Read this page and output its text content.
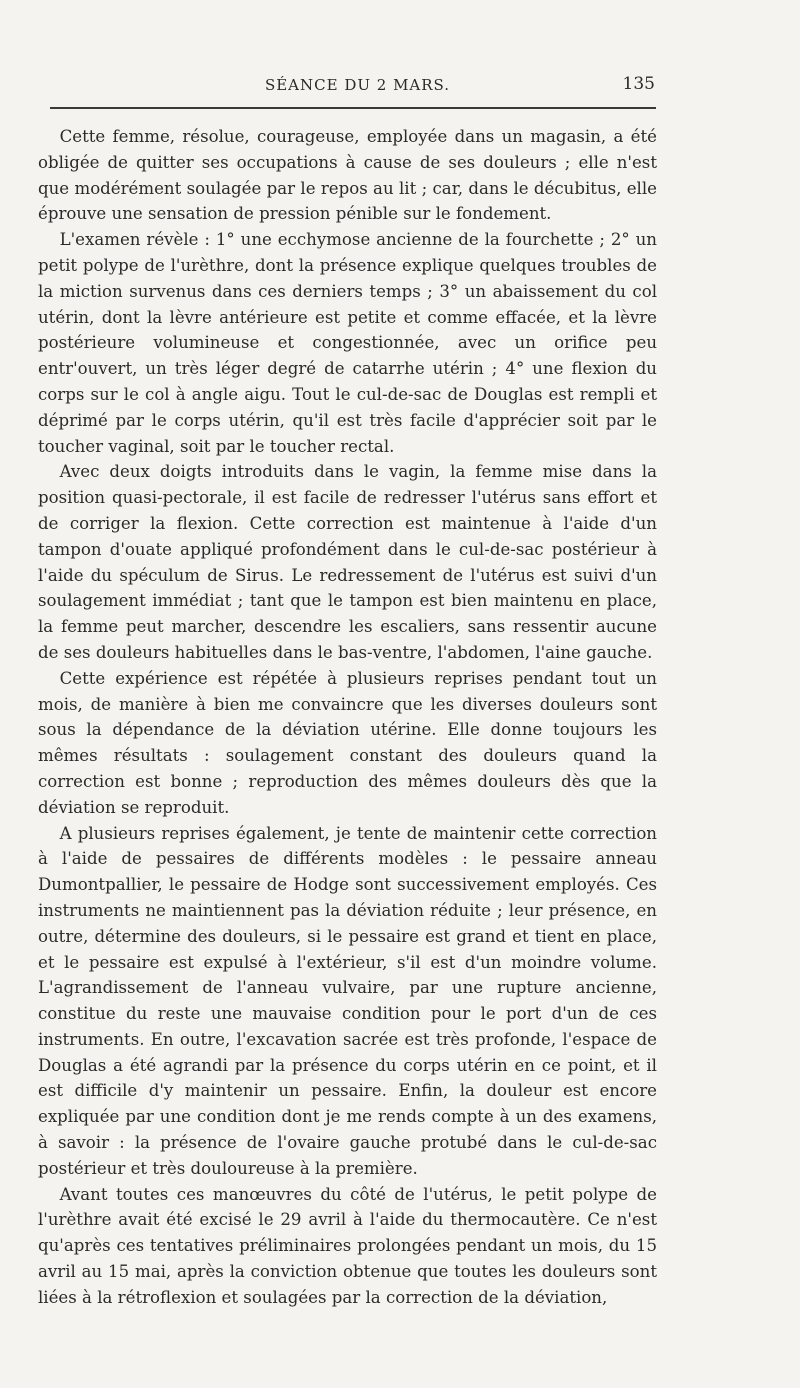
SÉANCE DU 2 MARS.	135

Cette femme, résolue, courageuse, employée dans un magasin, a été obligée de quitter ses occupations à cause de ses douleurs ; elle n'est que modérément soulagée par le repos au lit ; car, dans le décubitus, elle éprouve une sensation de pression pénible sur le fondement.

L'examen révèle : 1° une ecchymose ancienne de la fourchette ; 2° un petit polype de l'urèthre, dont la présence explique quelques troubles de la miction survenus dans ces derniers temps ; 3° un abaissement du col utérin, dont la lèvre antérieure est petite et comme effacée, et la lèvre postérieure volumineuse et congestionnée, avec un orifice peu entr'ouvert, un très léger degré de catarrhe utérin ; 4° une flexion du corps sur le col à angle aigu. Tout le cul-de-sac de Douglas est rempli et déprimé par le corps utérin, qu'il est très facile d'apprécier soit par le toucher vaginal, soit par le toucher rectal.

Avec deux doigts introduits dans le vagin, la femme mise dans la position quasi-pectorale, il est facile de redresser l'utérus sans effort et de corriger la flexion. Cette correction est maintenue à l'aide d'un tampon d'ouate appliqué profondément dans le cul-de-sac postérieur à l'aide du spéculum de Sirus. Le redressement de l'utérus est suivi d'un soulagement immédiat ; tant que le tampon est bien maintenu en place, la femme peut marcher, descendre les escaliers, sans ressentir aucune de ses douleurs habituelles dans le bas-ventre, l'abdomen, l'aine gauche.

Cette expérience est répétée à plusieurs reprises pendant tout un mois, de manière à bien me convaincre que les diverses douleurs sont sous la dépendance de la déviation utérine. Elle donne toujours les mêmes résultats : soulagement constant des douleurs quand la correction est bonne ; reproduction des mêmes douleurs dès que la déviation se reproduit.

A plusieurs reprises également, je tente de maintenir cette correction à l'aide de pessaires de différents modèles : le pessaire anneau Dumontpallier, le pessaire de Hodge sont successivement employés. Ces instruments ne maintiennent pas la déviation réduite ; leur présence, en outre, détermine des douleurs, si le pessaire est grand et tient en place, et le pessaire est expulsé à l'extérieur, s'il est d'un moindre volume. L'agrandissement de l'anneau vulvaire, par une rupture ancienne, constitue du reste une mauvaise condition pour le port d'un de ces instruments. En outre, l'excavation sacrée est très profonde, l'espace de Douglas a été agrandi par la présence du corps utérin en ce point, et il est difficile d'y maintenir un pessaire. Enfin, la douleur est encore expliquée par une condition dont je me rends compte à un des examens, à savoir : la présence de l'ovaire gauche protubé dans le cul-de-sac postérieur et très douloureuse à la première.

Avant toutes ces manœuvres du côté de l'utérus, le petit polype de l'urèthre avait été excisé le 29 avril à l'aide du thermocautère. Ce n'est qu'après ces tentatives préliminaires prolongées pendant un mois, du 15 avril au 15 mai, après la conviction obtenue que toutes les douleurs sont liées à la rétroflexion et soulagées par la correction de la déviation,
